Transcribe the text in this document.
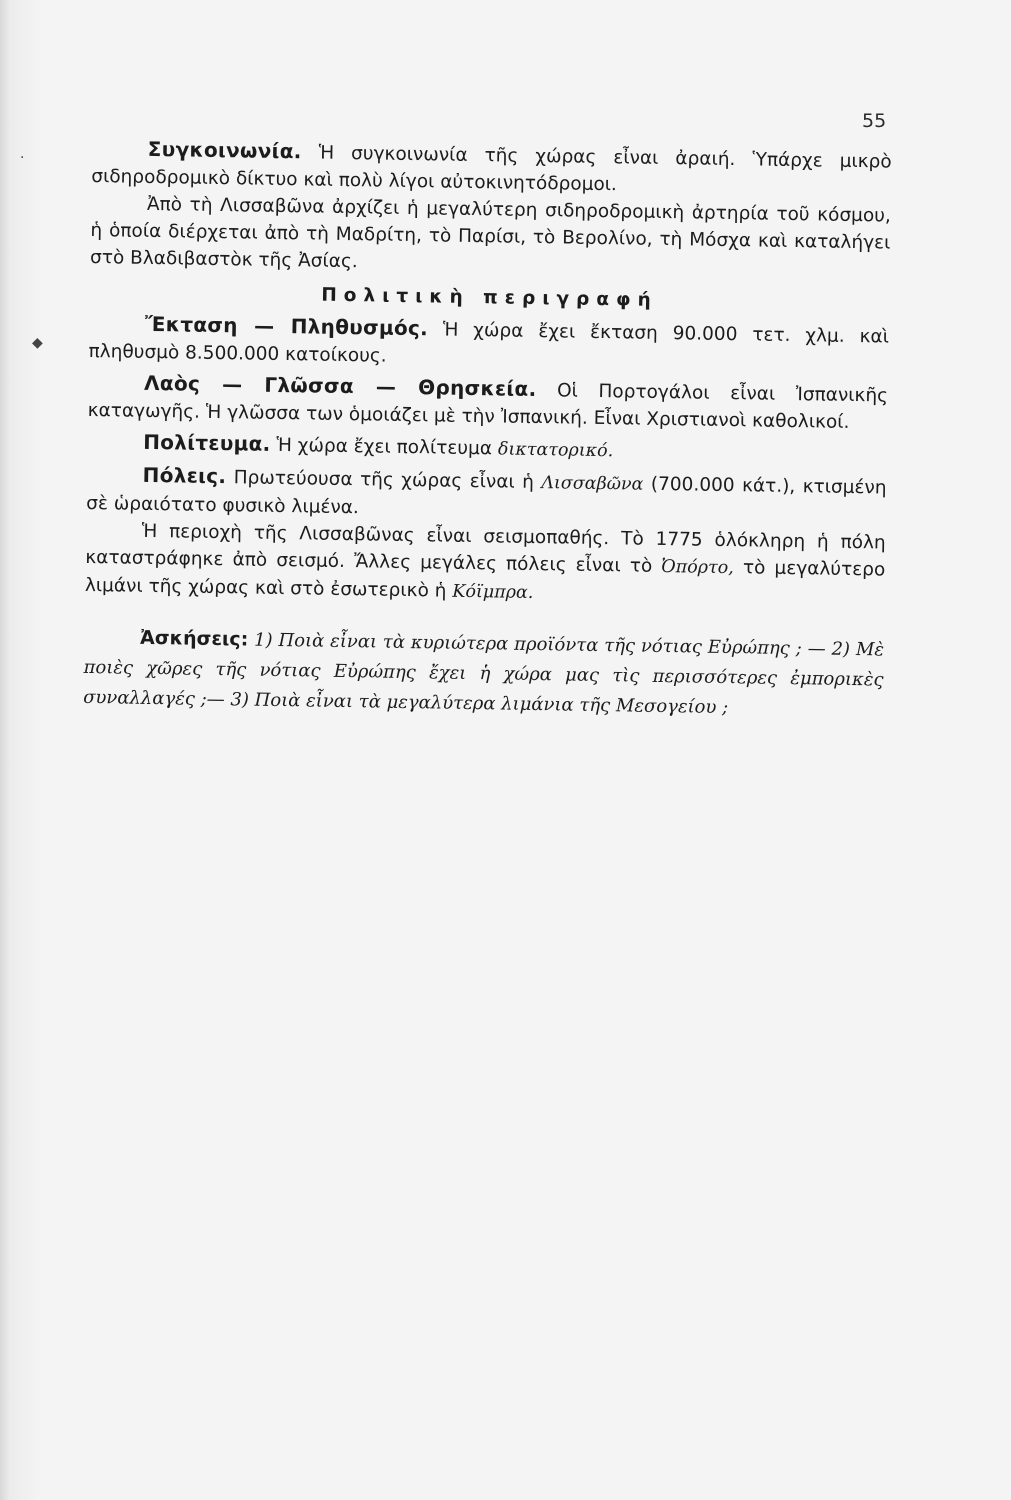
·
◆
55

Συγκοινωνία. Ἡ συγκοινωνία τῆς χώρας εἶναι ἀραιή. Ὑπάρχε μικρὸ σιδηροδρομικὸ δίκτυο καὶ πολὺ λίγοι αὐτοκινητόδρομοι.

Ἀπὸ τὴ Λισσαβῶνα ἀρχίζει ἡ μεγαλύτερη σιδηροδρομικὴ ἀρτηρία τοῦ κόσμου, ἡ ὁποία διέρχεται ἀπὸ τὴ Μαδρίτη, τὸ Παρίσι, τὸ Βερολίνο, τὴ Μόσχα καὶ καταλήγει στὸ Βλαδιβαστὸκ τῆς Ἀσίας.

Πολιτικὴ περιγραφή

Ἔκταση — Πληθυσμός. Ἡ χώρα ἔχει ἔκταση 90.000 τετ. χλμ. καὶ πληθυσμὸ 8.500.000 κατοίκους.

Λαὸς — Γλῶσσα — Θρησκεία. Οἱ Πορτογάλοι εἶναι Ἰσπανικῆς καταγωγῆς. Ἡ γλῶσσα των ὁμοιάζει μὲ τὴν Ἰσπανική. Εἶναι Χριστιανοὶ καθολικοί.

Πολίτευμα. Ἡ χώρα ἔχει πολίτευμα δικτατορικό.

Πόλεις. Πρωτεύουσα τῆς χώρας εἶναι ἡ Λισσαβῶνα (700.000 κάτ.), κτισμένη σὲ ὡραιότατο φυσικὸ λιμένα.

Ἡ περιοχὴ τῆς Λισσαβῶνας εἶναι σεισμοπαθής. Τὸ 1775 ὁλόκληρη ἡ πόλη καταστράφηκε ἀπὸ σεισμό. Ἄλλες μεγάλες πόλεις εἶναι τὸ Ὀπόρτο, τὸ μεγαλύτερο λιμάνι τῆς χώρας καὶ στὸ ἐσωτερικὸ ἡ Κόϊμπρα.

Ἀσκήσεις: 1) Ποιὰ εἶναι τὰ κυριώτερα προϊόντα τῆς νότιας Εὐρώπης ; — 2) Μὲ ποιὲς χῶρες τῆς νότιας Εὐρώπης ἔχει ἡ χώρα μας τὶς περισσότερες ἐμπορικὲς συναλλαγές ;— 3) Ποιὰ εἶναι τὰ μεγαλύτερα λιμάνια τῆς Μεσογείου ;
